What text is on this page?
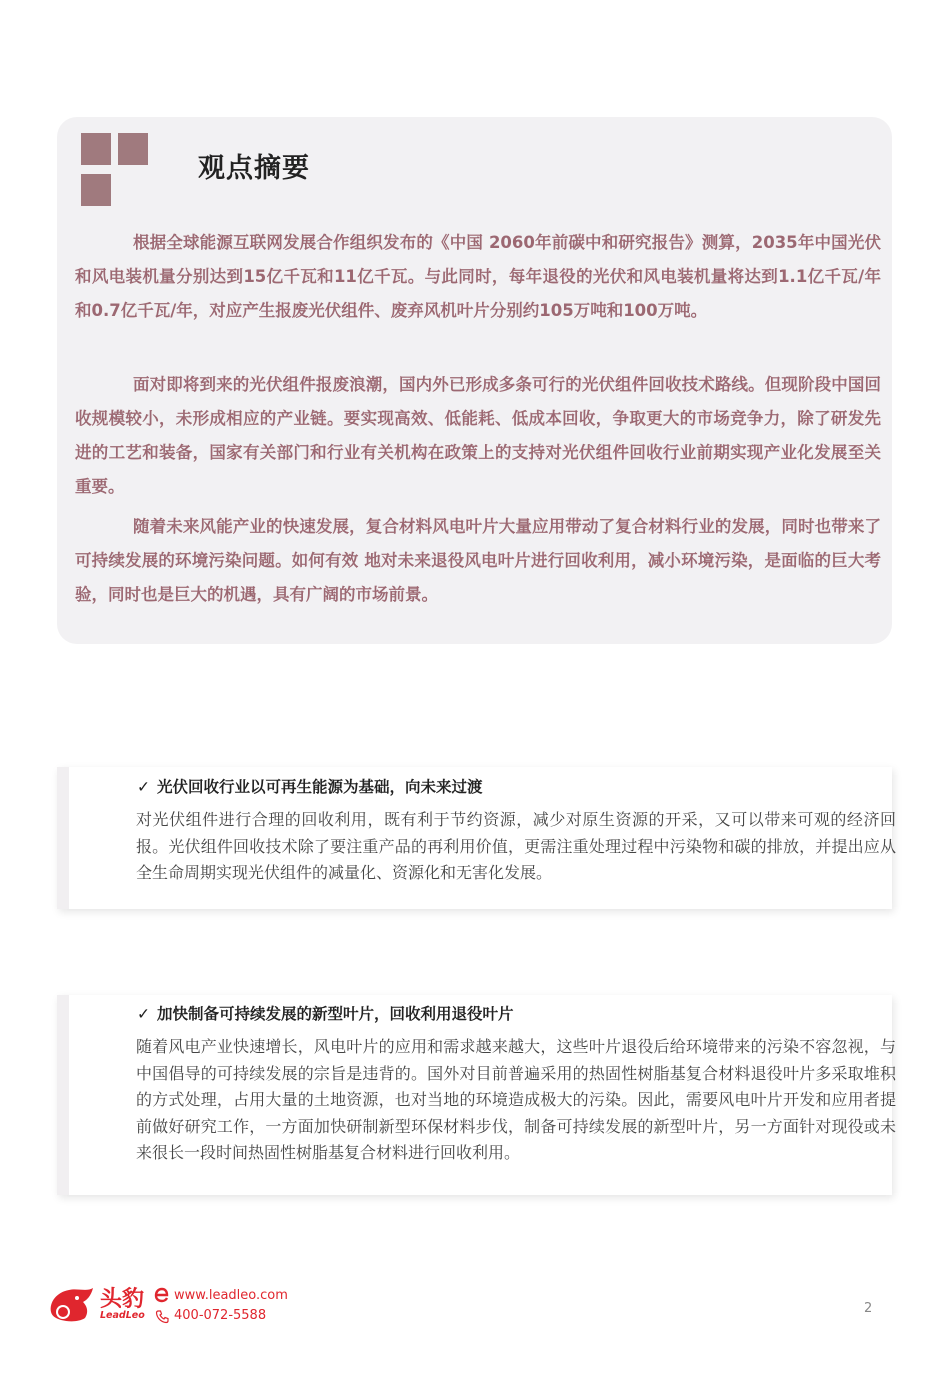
观点摘要

根据全球能源互联网发展合作组织发布的《中国 2060年前碳中和研究报告》测算，2035年中国光伏和风电装机量分别达到15亿千瓦和11亿千瓦。与此同时，每年退役的光伏和风电装机量将达到1.1亿千瓦/年和0.7亿千瓦/年，对应产生报废光伏组件、废弃风机叶片分别约105万吨和100万吨。

面对即将到来的光伏组件报废浪潮，国内外已形成多条可行的光伏组件回收技术路线。但现阶段中国回收规模较小，未形成相应的产业链。要实现高效、低能耗、低成本回收，争取更大的市场竞争力，除了研发先进的工艺和装备，国家有关部门和行业有关机构在政策上的支持对光伏组件回收行业前期实现产业化发展至关重要。

随着未来风能产业的快速发展，复合材料风电叶片大量应用带动了复合材料行业的发展，同时也带来了可持续发展的环境污染问题。如何有效 地对未来退役风电叶片进行回收利用，减小环境污染，是面临的巨大考验，同时也是巨大的机遇，具有广阔的市场前景。

✓ 光伏回收行业以可再生能源为基础，向未来过渡

对光伏组件进行合理的回收利用，既有利于节约资源，减少对原生资源的开采，又可以带来可观的经济回报。光伏组件回收技术除了要注重产品的再利用价值，更需注重处理过程中污染物和碳的排放，并提出应从全生命周期实现光伏组件的减量化、资源化和无害化发展。

✓ 加快制备可持续发展的新型叶片，回收利用退役叶片

随着风电产业快速增长，风电叶片的应用和需求越来越大，这些叶片退役后给环境带来的污染不容忽视，与中国倡导的可持续发展的宗旨是违背的。国外对目前普遍采用的热固性树脂基复合材料退役叶片多采取堆积的方式处理，占用大量的土地资源，也对当地的环境造成极大的污染。因此，需要风电叶片开发和应用者提前做好研究工作，一方面加快研制新型环保材料步伐，制备可持续发展的新型叶片，另一方面针对现役或未来很长一段时间热固性树脂基复合材料进行回收利用。

头豹
LeadLeo
www.leadleo.com
400-072-5588	2
